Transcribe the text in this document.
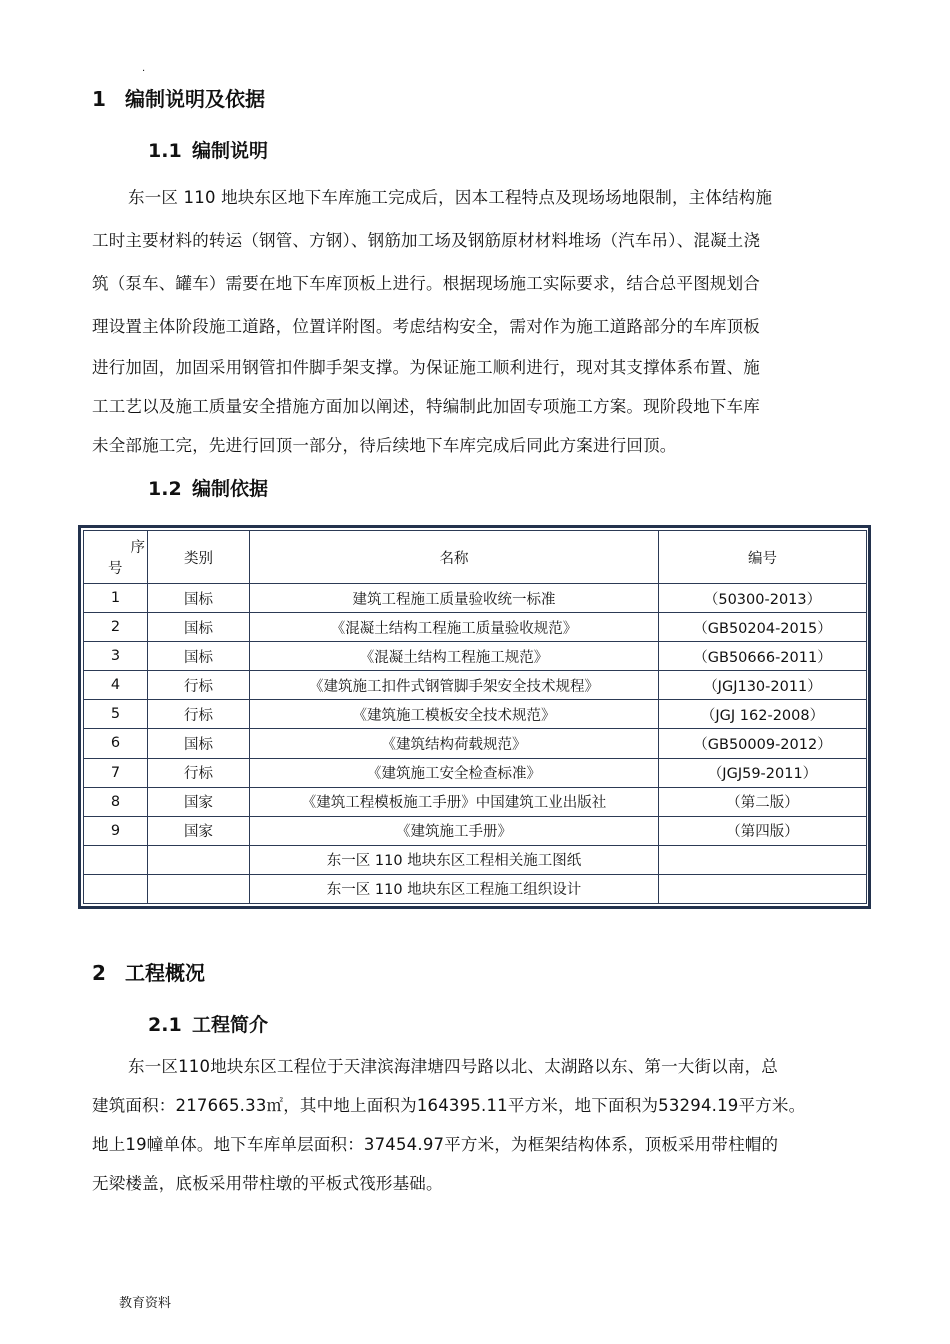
.
1 编制说明及依据
1.1 编制说明
东一区 110 地块东区地下车库施工完成后，因本工程特点及现场场地限制，主体结构施
工时主要材料的转运（钢管、方钢）、钢筋加工场及钢筋原材材料堆场（汽车吊）、混凝土浇
筑（泵车、罐车）需要在地下车库顶板上进行。根据现场施工实际要求，结合总平图规划合
理设置主体阶段施工道路，位置详附图。考虑结构安全，需对作为施工道路部分的车库顶板
进行加固，加固采用钢管扣件脚手架支撑。为保证施工顺利进行，现对其支撑体系布置、施
工工艺以及施工质量安全措施方面加以阐述，特编制此加固专项施工方案。现阶段地下车库
未全部施工完，先进行回顶一部分，待后续地下车库完成后同此方案进行回顶。
1.2 编制依据
序
号	类别	名称	编号
1	国标	建筑工程施工质量验收统一标准	（50300-2013）
2	国标	《混凝土结构工程施工质量验收规范》	（GB50204-2015）
3	国标	《混凝土结构工程施工规范》	（GB50666-2011）
4	行标	《建筑施工扣件式钢管脚手架安全技术规程》	（JGJ130-2011）
5	行标	《建筑施工模板安全技术规范》	（JGJ 162-2008）
6	国标	《建筑结构荷载规范》	（GB50009-2012）
7	行标	《建筑施工安全检查标准》	（JGJ59-2011）
8	国家	《建筑工程模板施工手册》中国建筑工业出版社	（第二版）
9	国家	《建筑施工手册》	（第四版）
		东一区 110 地块东区工程相关施工图纸	
		东一区 110 地块东区工程施工组织设计	
2 工程概况
2.1 工程简介
东一区110地块东区工程位于天津滨海津塘四号路以北、太湖路以东、第一大街以南，总
建筑面积：217665.33㎡，其中地上面积为164395.11平方米，地下面积为53294.19平方米。
地上19幢单体。地下车库单层面积：37454.97平方米，为框架结构体系，顶板采用带柱帽的
无梁楼盖，底板采用带柱墩的平板式筏形基础。
教育资料
